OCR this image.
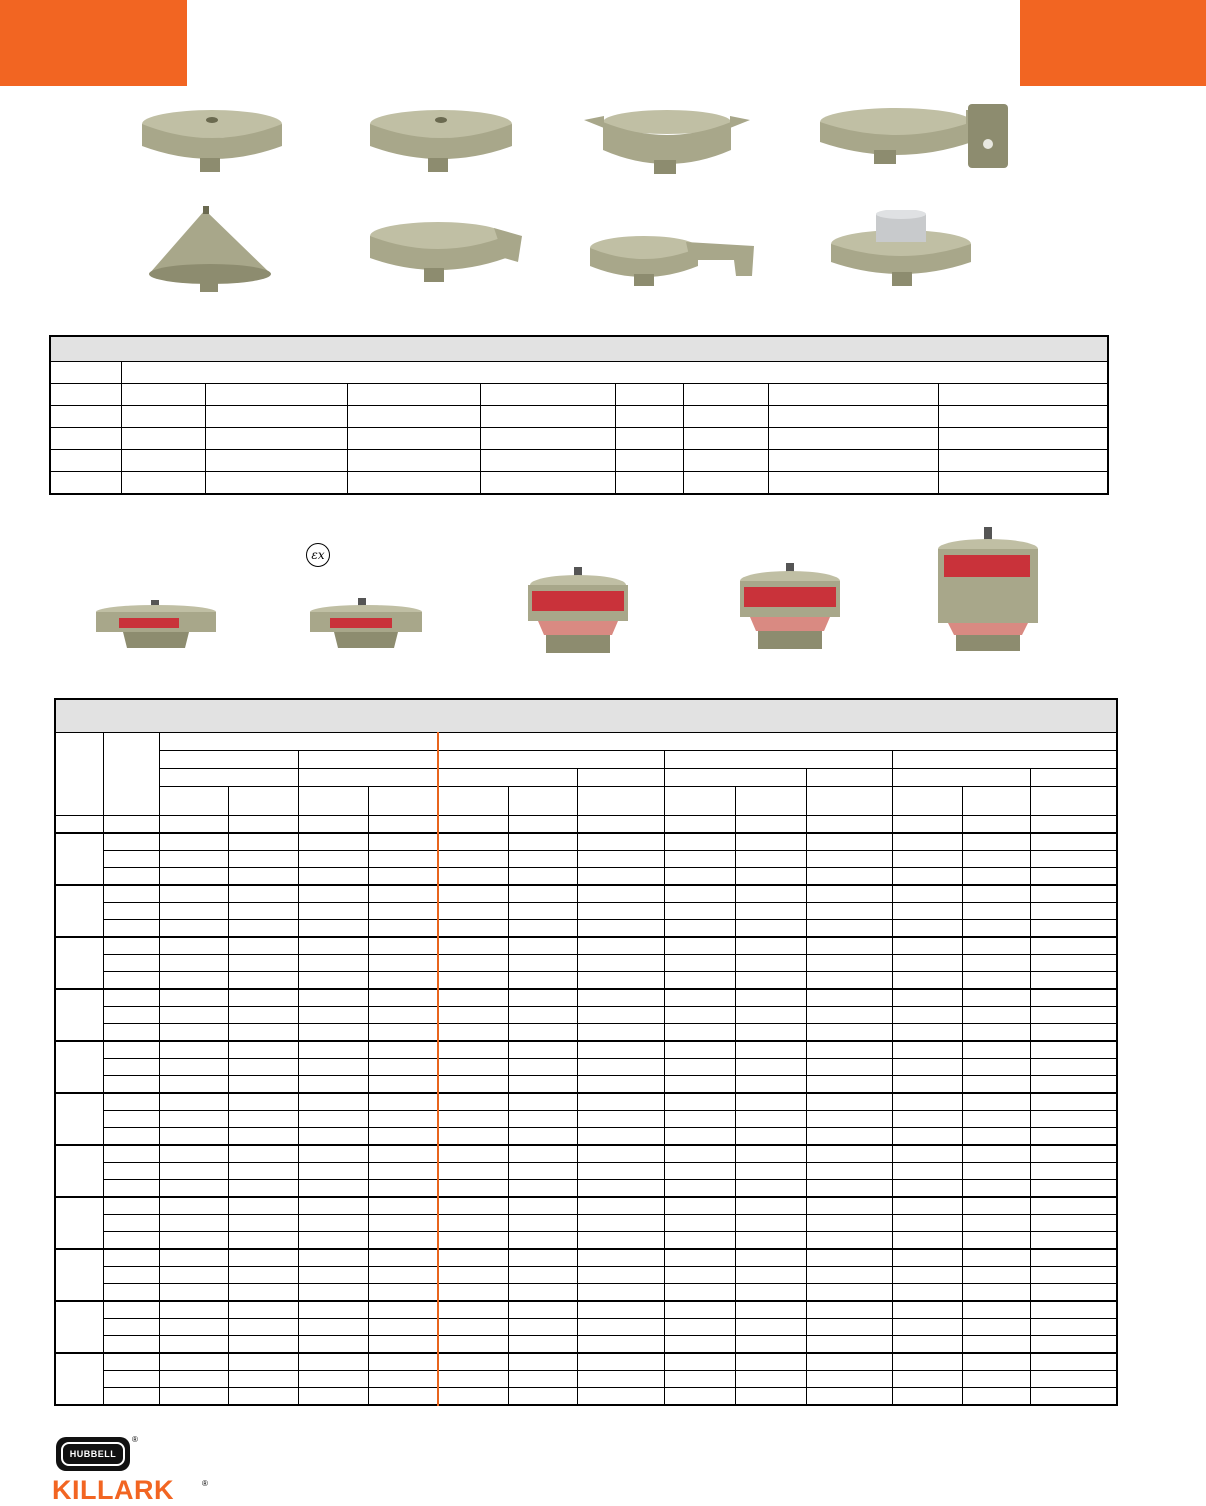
εx

HUBBELL
®
KILLARK	®
